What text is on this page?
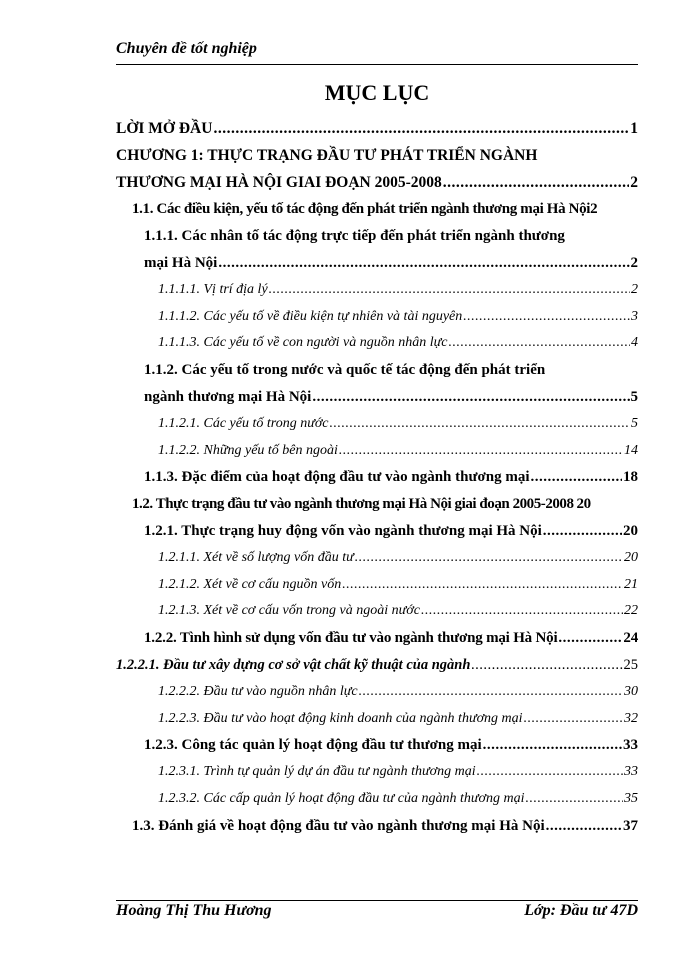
Chuyên đề tốt nghiệp
MỤC LỤC
LỜI MỞ ĐẦU .....	1
CHƯƠNG 1: THỰC TRẠNG ĐẦU TƯ PHÁT TRIỂN NGÀNH
THƯƠNG MẠI HÀ NỘI GIAI ĐOẠN 2005-2008 .....	2
1.1. Các điều kiện, yếu tố tác động đến phát triển ngành thương mại Hà Nội 2
1.1.1. Các nhân tố tác động trực tiếp đến phát triển ngành thương
mại Hà Nội .....	2
1.1.1.1. Vị trí địa lý .....	2
1.1.1.2. Các yếu tố về điều kiện tự nhiên và tài nguyên .....	3
1.1.1.3. Các yếu tố về con người và nguồn nhân lực .....	4
1.1.2. Các yếu tố trong nước và quốc tế tác động đến phát triển
ngành thương mại Hà Nội .....	5
1.1.2.1. Các yếu tố trong nước .....	5
1.1.2.2. Những yếu tố bên ngoài .....	14
1.1.3. Đặc điểm của hoạt động đầu tư vào ngành thương mại .....	18
1.2. Thực trạng đầu tư vào ngành thương mại Hà Nội giai đoạn 2005-2008 20
1.2.1. Thực trạng huy động vốn vào ngành thương mại Hà Nội .....	20
1.2.1.1. Xét về số lượng vốn đầu tư .....	20
1.2.1.2. Xét về cơ cấu nguồn vốn .....	21
1.2.1.3. Xét về cơ cấu vốn trong và ngoài nước .....	22
1.2.2. Tình hình sử dụng vốn đầu tư vào ngành thương mại Hà Nội .....	24
1.2.2.1. Đầu tư xây dựng cơ sở vật chất kỹ thuật của ngành .....	25
1.2.2.2. Đầu tư vào nguồn nhân lực .....	30
1.2.2.3. Đầu tư vào hoạt động kinh doanh của ngành thương mại .....	32
1.2.3. Công tác quản lý hoạt động đầu tư thương mại .....	33
1.2.3.1. Trình tự quản lý dự án đầu tư ngành thương mại .....	33
1.2.3.2. Các cấp quản lý hoạt động đầu tư của ngành thương mại .....	35
1.3. Đánh giá về hoạt động đầu tư vào ngành thương mại Hà Nội .....	37
Hoàng Thị Thu Hương	Lớp: Đầu tư 47D
